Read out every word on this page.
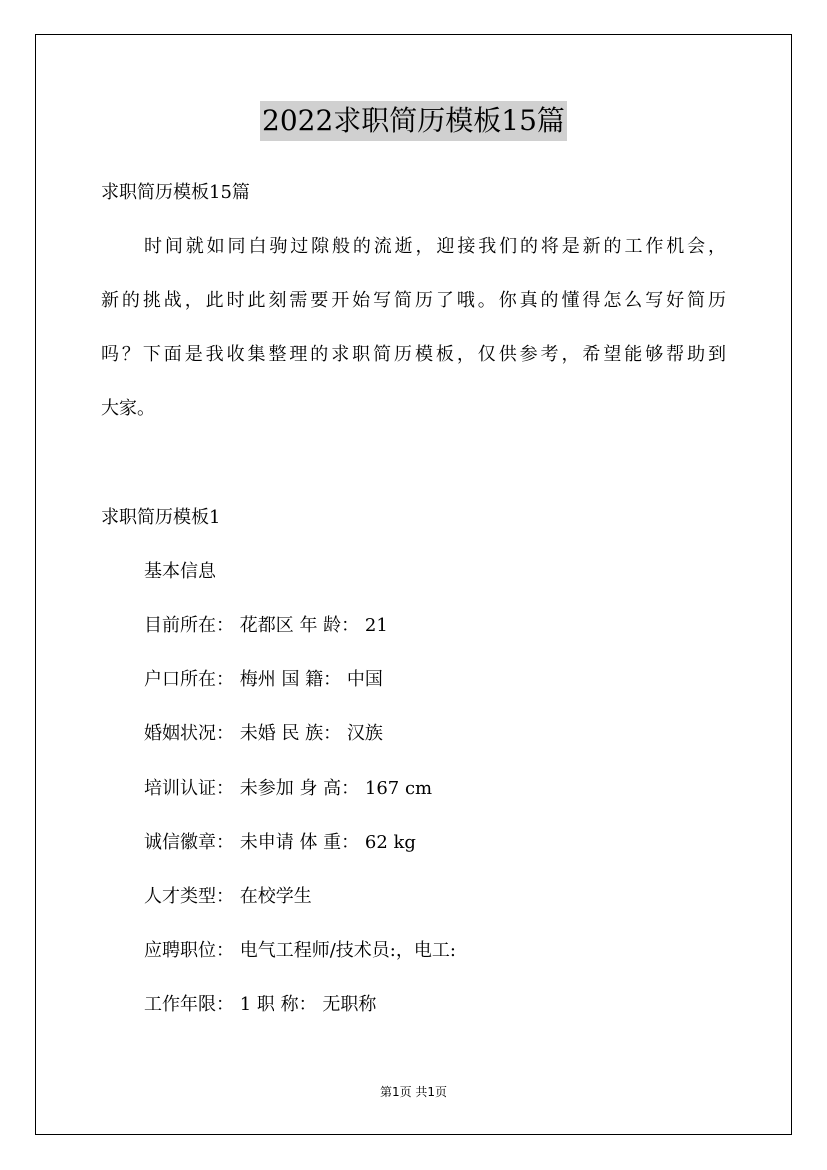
2022求职简历模板15篇
求职简历模板15篇
时间就如同白驹过隙般的流逝，迎接我们的将是新的工作机会，
新的挑战，此时此刻需要开始写简历了哦。你真的懂得怎么写好简历
吗？下面是我收集整理的求职简历模板，仅供参考，希望能够帮助到
大家。
求职简历模板1
基本信息
目前所在： 花都区 年 龄： 21
户口所在： 梅州 国 籍： 中国
婚姻状况： 未婚 民 族： 汉族
培训认证： 未参加 身 高： 167 cm
诚信徽章： 未申请 体 重： 62 kg
人才类型： 在校学生
应聘职位： 电气工程师/技术员:，电工:
工作年限： 1 职 称： 无职称
第1页 共1页
